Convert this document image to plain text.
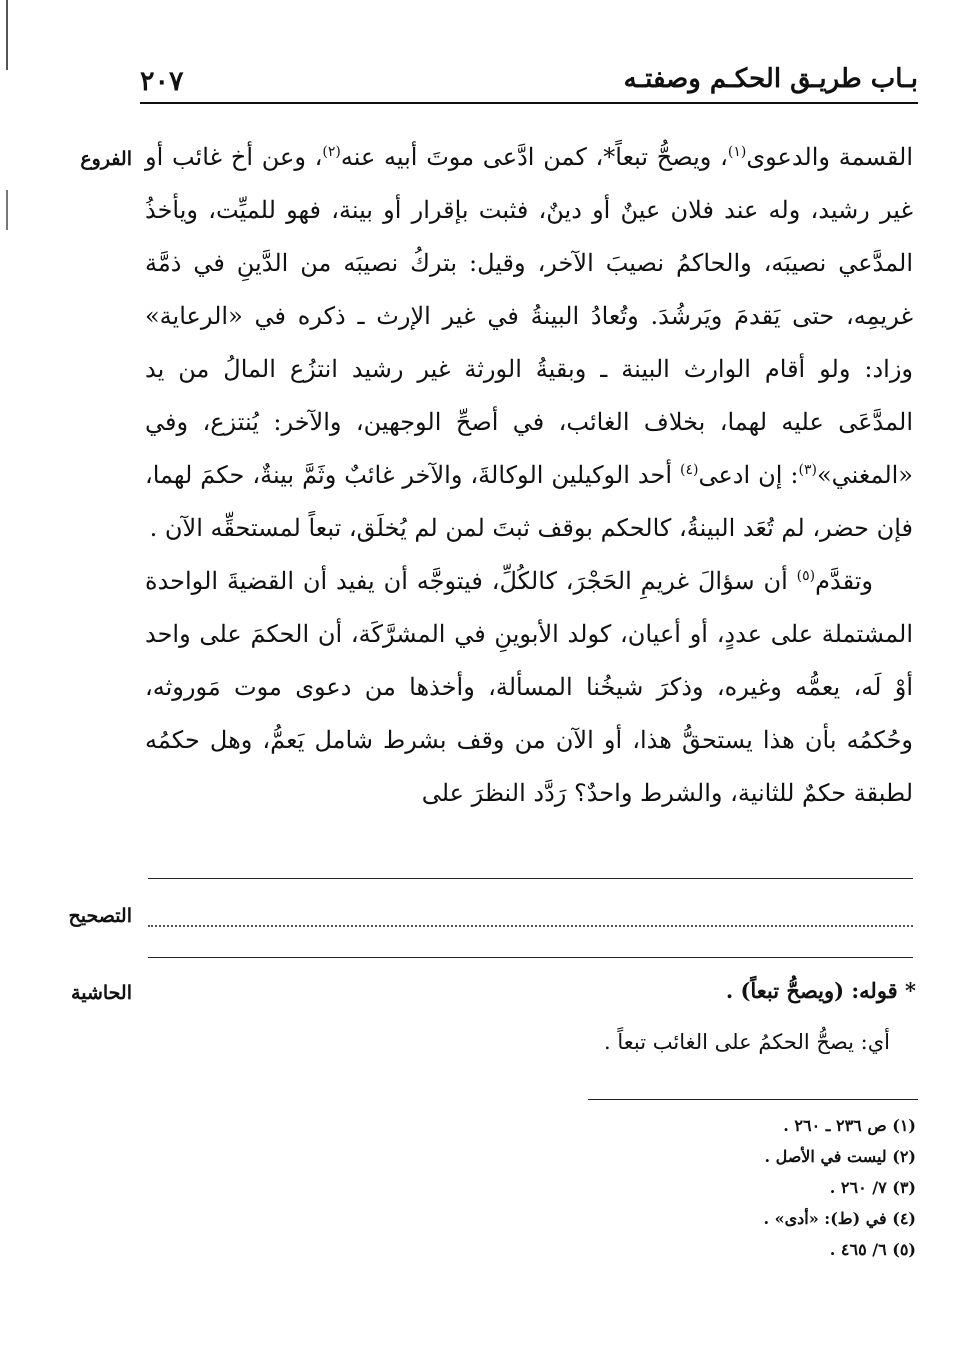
٢٠٧	بـاب طريـق الحكـم وصفتـه
الفروع	القسمة والدعوى$^{(١)}$، ويصحُّ تبعاً*، كمن ادَّعى موتَ أبيه عنه$^{(٢)}$، وعن أخ غائب أو غير رشيد، وله عند فلان عينٌ أو دينٌ، فثبت بإقرار أو بينة، فهو للميِّت، ويأخذُ المدَّعي نصيبَه، والحاكمُ نصيبَ الآخر، وقيل: بتركُ نصيبَه من الدَّينِ في ذمَّة غريمِه، حتى يَقدمَ ويَرشُدَ. وتُعادُ البينةُ في غير الإرث ـ ذكره في «الرعاية» وزاد: ولو أقام الوارث البينة ـ وبقيةُ الورثة غير رشيد انتزُع المالُ من يد المدَّعَى عليه لهما، بخلاف الغائب، في أصحِّ الوجهين، والآخر: يُنتزع، وفي «المغني»$^{(٣)}$: إن ادعى$^{(٤)}$ أحد الوكيلين الوكالةَ، والآخر غائبٌ وثَمَّ بينةٌ، حكمَ لهما، فإن حضر، لم تُعَد البينةُ، كالحكم بوقف ثبتَ لمن لم يُخلَق، تبعاً لمستحقِّه الآن .

وتقدَّم$^{(٥)}$ أن سؤالَ غريمِ الحَجْرَ، كالكُلِّ، فيتوجَّه أن يفيد أن القضيةَ الواحدة المشتملة على عددٍ، أو أعيان، كولد الأبوينِ في المشرَّكَة، أن الحكمَ على واحد أوْ لَه، يعمُّه وغيره، وذكرَ شيخُنا المسألة، وأخذها من دعوى موت مَوروثه، وحُكمُه بأن هذا يستحقُّ هذا، أو الآن من وقف بشرط شامل يَعمُّ، وهل حكمُه لطبقة حكمٌ للثانية، والشرط واحدٌ؟ رَدَّد النظرَ على

التصحيح
الحاشية	* قوله: (ويصحُّ تبعاً) .
أي: يصحُّ الحكمُ على الغائب تبعاً .
(١) ص ٢٣٦ ـ ٢٦٠ .
(٢) ليست في الأصل .
(٣) ٧/ ٢٦٠ .
(٤) في (ط): «أدى» .
(٥) ٦/ ٤٦٥ .
